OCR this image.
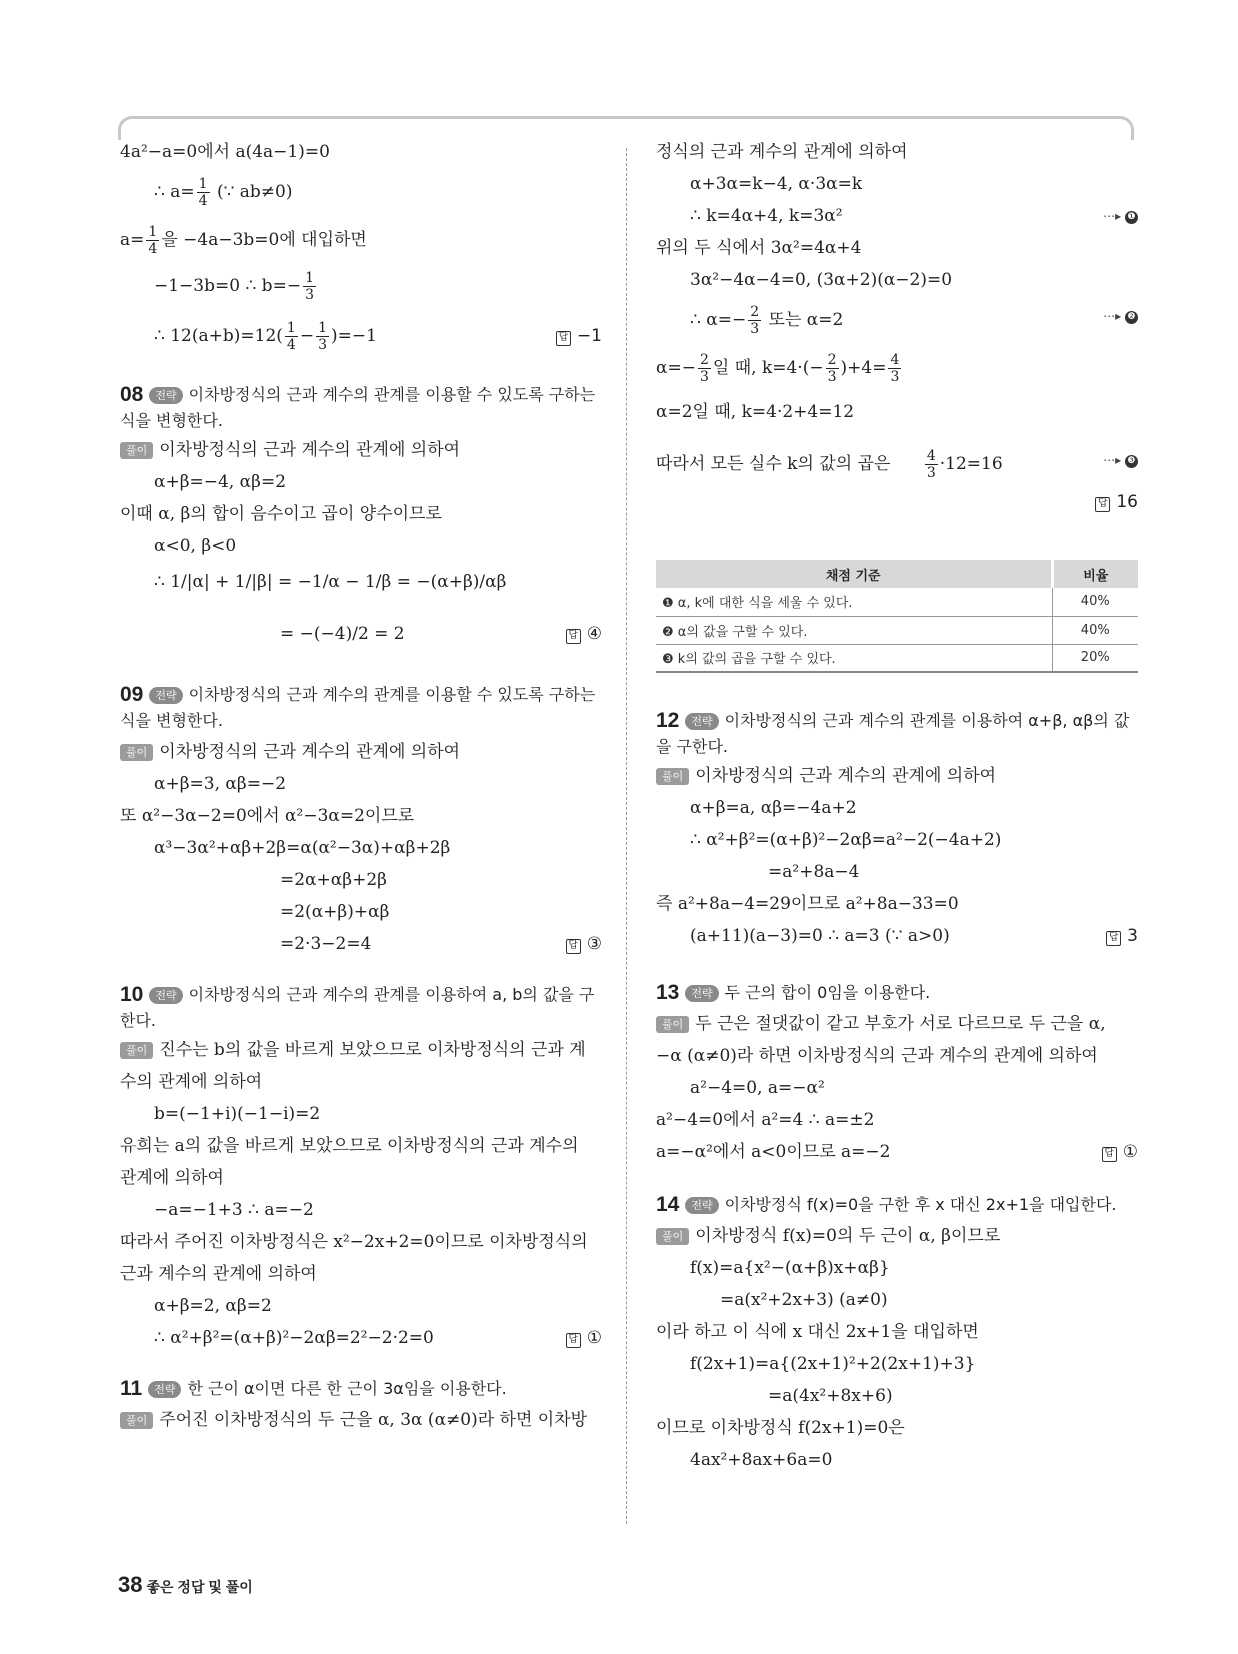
4a²−a=0에서 a(4a−1)=0
∴ $a= \frac{1}{4}$ (∵ ab≠0)
$a= \frac{1}{4}$ 을 −4a−3b=0에 대입하면
−1−3b=0 ∴ $b=- \frac{1}{3}$
∴ $12(a+b)=12( \frac{1}{4} - \frac{1}{3} )=-1$	답 −1
08 전략 이차방정식의 근과 계수의 관계를 이용할 수 있도록 구하는 식을 변형한다.
풀이 이차방정식의 근과 계수의 관계에 의하여
α+β=−4, αβ=2
이때 α, β의 합이 음수이고 곱이 양수이므로
α<0, β<0
∴ 1/|α| + 1/|β| = −1/α − 1/β = −(α+β)/αβ
= −(−4)/2 = 2	답 ④
09 전략 이차방정식의 근과 계수의 관계를 이용할 수 있도록 구하는 식을 변형한다.
풀이 이차방정식의 근과 계수의 관계에 의하여
α+β=3, αβ=−2
또 α²−3α−2=0에서 α²−3α=2이므로
α³−3α²+αβ+2β=α(α²−3α)+αβ+2β
=2α+αβ+2β
=2(α+β)+αβ
=2·3−2=4	답 ③
10 전략 이차방정식의 근과 계수의 관계를 이용하여 a, b의 값을 구한다.
풀이 진수는 b의 값을 바르게 보았으므로 이차방정식의 근과 계
수의 관계에 의하여
b=(−1+i)(−1−i)=2
유희는 a의 값을 바르게 보았으므로 이차방정식의 근과 계수의
관계에 의하여
−a=−1+3 ∴ a=−2
따라서 주어진 이차방정식은 x²−2x+2=0이므로 이차방정식의
근과 계수의 관계에 의하여
α+β=2, αβ=2
∴ α²+β²=(α+β)²−2αβ=2²−2·2=0	답 ①
11 전략 한 근이 α이면 다른 한 근이 3α임을 이용한다.
풀이 주어진 이차방정식의 두 근을 α, 3α (α≠0)라 하면 이차방
정식의 근과 계수의 관계에 의하여
α+3α=k−4, α·3α=k
∴ k=4α+4, k=3α²	⋯▸ ❶
위의 두 식에서 3α²=4α+4
3α²−4α−4=0, (3α+2)(α−2)=0
∴ $\alpha=- \frac{2}{3}$ 또는 α=2	⋯▸ ❷
$\alpha=- \frac{2}{3}$ 일 때, $k=4\cdot(- \frac{2}{3} )+4= \frac{4}{3}$
α=2일 때, k=4·2+4=12
따라서 모든 실수 k의 값의 곱은 $\frac{4}{3} \cdot 12=16$	⋯▸ ❸
답 16
채점 기준	비율
❶ α, k에 대한 식을 세울 수 있다.	40%
❷ α의 값을 구할 수 있다.	40%
❸ k의 값의 곱을 구할 수 있다.	20%
12 전략 이차방정식의 근과 계수의 관계를 이용하여 α+β, αβ의 값을 구한다.
풀이 이차방정식의 근과 계수의 관계에 의하여
α+β=a, αβ=−4a+2
∴ α²+β²=(α+β)²−2αβ=a²−2(−4a+2)
=a²+8a−4
즉 a²+8a−4=29이므로 a²+8a−33=0
(a+11)(a−3)=0 ∴ a=3 (∵ a>0)	답 3
13 전략 두 근의 합이 0임을 이용한다.
풀이 두 근은 절댓값이 같고 부호가 서로 다르므로 두 근을 α,
−α (α≠0)라 하면 이차방정식의 근과 계수의 관계에 의하여
a²−4=0, a=−α²
a²−4=0에서 a²=4 ∴ a=±2
a=−α²에서 a<0이므로 a=−2	답 ①
14 전략 이차방정식 f(x)=0을 구한 후 x 대신 2x+1을 대입한다.
풀이 이차방정식 f(x)=0의 두 근이 α, β이므로
f(x)=a{x²−(α+β)x+αβ}
=a(x²+2x+3) (a≠0)
이라 하고 이 식에 x 대신 2x+1을 대입하면
f(2x+1)=a{(2x+1)²+2(2x+1)+3}
=a(4x²+8x+6)
이므로 이차방정식 f(2x+1)=0은
4ax²+8ax+6a=0
38 좋은 정답 및 풀이
